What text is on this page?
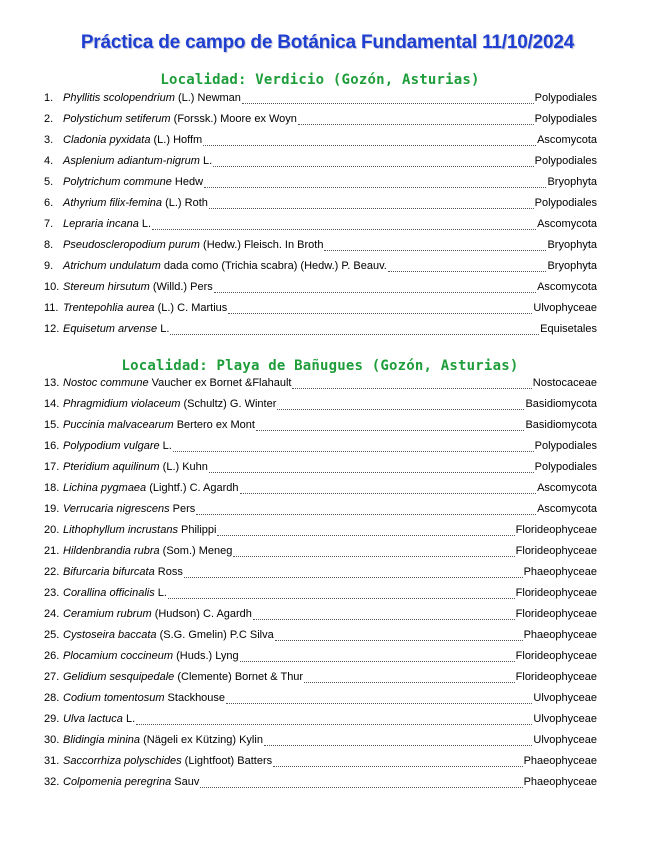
Práctica de campo de Botánica Fundamental 11/10/2024
Localidad: Verdicio (Gozón, Asturias)
1. Phyllitis scolopendrium (L.) Newman	Polypodiales
2. Polystichum setiferum (Forssk.) Moore ex Woyn	Polypodiales
3. Cladonia pyxidata (L.) Hoffm	Ascomycota
4. Asplenium adiantum-nigrum L.	Polypodiales
5. Polytrichum commune Hedw	Bryophyta
6. Athyrium filix-femina (L.) Roth	Polypodiales
7. Lepraria incana L.	Ascomycota
8. Pseudoscleropodium purum (Hedw.) Fleisch. In Broth	Bryophyta
9. Atrichum undulatum dada como (Trichia scabra) (Hedw.) P. Beauv.	Bryophyta
10. Stereum hirsutum (Willd.) Pers	Ascomycota
11. Trentepohlia aurea (L.) C. Martius	Ulvophyceae
12. Equisetum arvense L.	Equisetales
Localidad: Playa de Bañugues (Gozón, Asturias)
13. Nostoc commune Vaucher ex Bornet &Flahault	Nostocaceae
14. Phragmidium violaceum (Schultz) G. Winter	Basidiomycota
15. Puccinia malvacearum Bertero ex Mont	Basidiomycota
16. Polypodium vulgare L.	Polypodiales
17. Pteridium aquilinum (L.) Kuhn	Polypodiales
18. Lichina pygmaea (Lightf.) C. Agardh	Ascomycota
19. Verrucaria nigrescens Pers	Ascomycota
20. Lithophyllum incrustans Philippi	Florideophyceae
21. Hildenbrandia rubra (Som.) Meneg	Florideophyceae
22. Bifurcaria bifurcata Ross	Phaeophyceae
23. Corallina officinalis L.	Florideophyceae
24. Ceramium rubrum (Hudson) C. Agardh	Florideophyceae
25. Cystoseira baccata (S.G. Gmelin) P.C Silva	Phaeophyceae
26. Plocamium coccineum (Huds.) Lyng	Florideophyceae
27. Gelidium sesquipedale (Clemente) Bornet & Thur	Florideophyceae
28. Codium tomentosum Stackhouse	Ulvophyceae
29. Ulva lactuca L.	Ulvophyceae
30. Blidingia minina (Nägeli ex Kützing) Kylin	Ulvophyceae
31. Saccorrhiza polyschides (Lightfoot) Batters	Phaeophyceae
32. Colpomenia peregrina Sauv	Phaeophyceae
